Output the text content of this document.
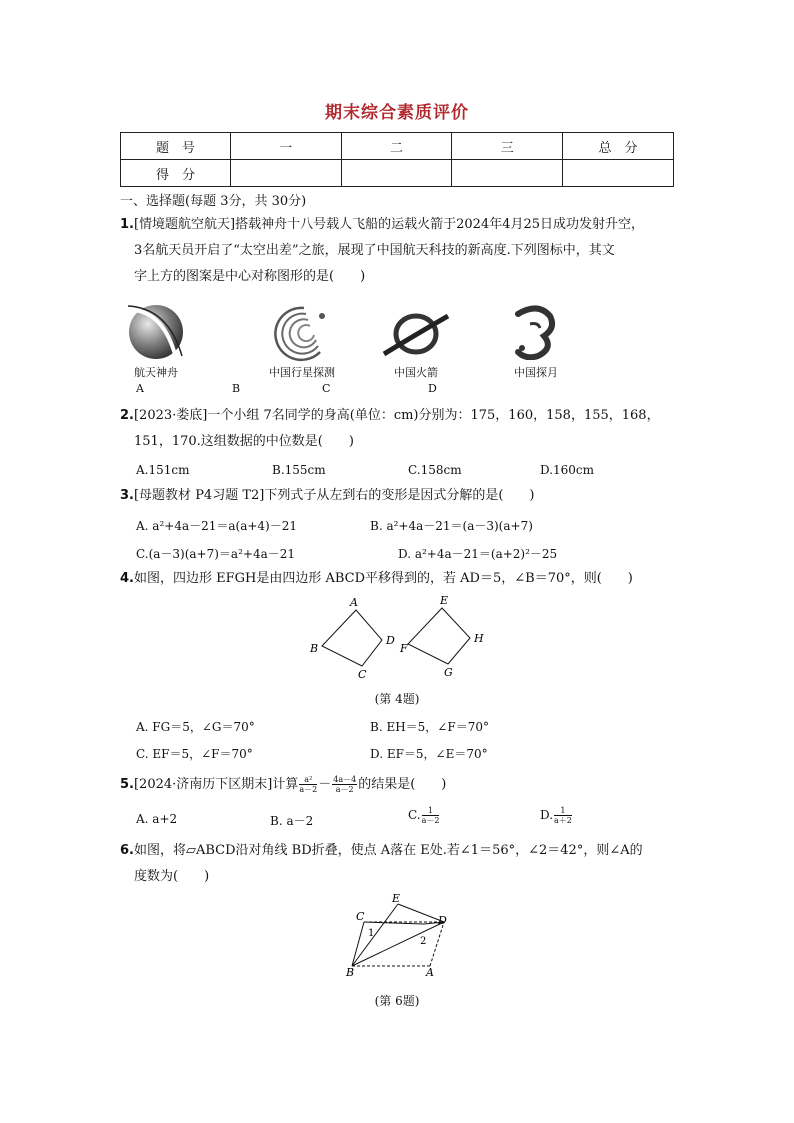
期末综合素质评价
题　号	一	二	三	总　分
得　分				
一、选择题(每题 3分，共 30分)
1.[情境题航空航天]搭载神舟十八号载人飞船的运载火箭于2024年4月25日成功发射升空，
3名航天员开启了“太空出差”之旅，展现了中国航天科技的新高度.下列图标中，其文
字上方的图案是中心对称图形的是(　　)
航天神舟
A
中国行星探测
B
中国火箭
C
中国探月
D
2.[2023·娄底]一个小组 7名同学的身高(单位：cm)分别为：175，160，158，155，168，
151，170.这组数据的中位数是(　　)
A.151cm	B.155cm	C.158cm	D.160cm
3.[母题教材 P4习题 T2]下列式子从左到右的变形是因式分解的是(　　)
A. a²+4a－21＝a(a+4)－21	B. a²+4a－21＝(a－3)(a+7)
C.(a－3)(a+7)＝a²+4a－21	D. a²+4a－21＝(a+2)²－25
4.如图，四边形 EFGH是由四边形 ABCD平移得到的，若 AD＝5，∠B＝70°，则(　　)
A
B
C
D
E
F
G
H
(第 4题)
A. FG＝5，∠G＝70°	B. EH＝5，∠F＝70°
C. EF＝5，∠F＝70°	D. EF＝5，∠E＝70°
5.[2024·济南历下区期末]计算 $\frac{\text{a²}}{a-2} - \frac{4a-4}{a-2}$ 的结果是(　　)
A. a+2	B. a－2	C. $\frac{1}{a-2}$	D. $\frac{1}{a+2}$
6.如图，将▱ABCD沿对角线 BD折叠，使点 A落在 E处.若∠1＝56°，∠2＝42°，则∠A的
度数为(　　)
E
C	D
B	A
1
2
(第 6题)
